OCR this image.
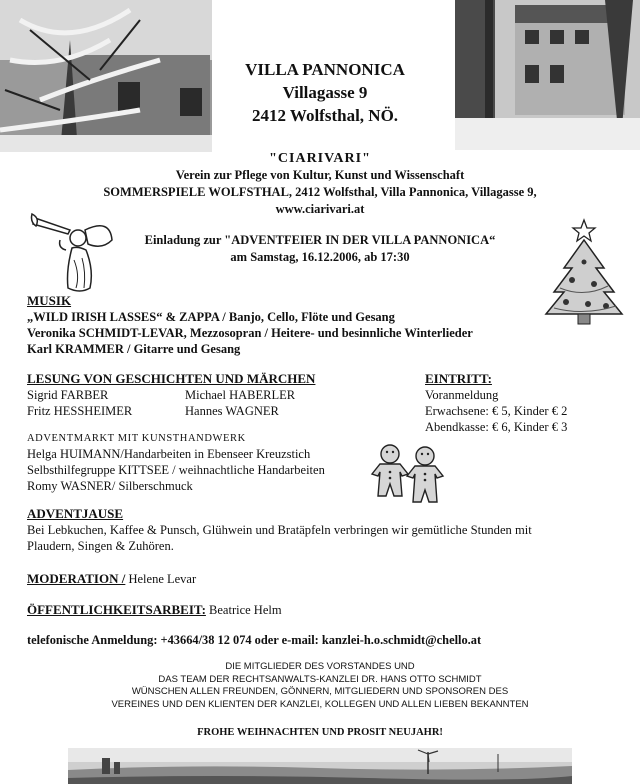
VILLA PANNONICA
Villagasse 9
2412 Wolfsthal, NÖ.
"CIARIVARI"
Verein zur Pflege von Kultur, Kunst und Wissenschaft
SOMMERSPIELE WOLFSTHAL, 2412 Wolfsthal, Villa Pannonica, Villagasse 9,
www.ciarivari.at
Einladung zur "ADVENTFEIER IN DER VILLA PANNONICA“
am Samstag, 16.12.2006, ab 17:30
MUSIK
„WILD IRISH LASSES“ & ZAPPA / Banjo, Cello, Flöte und Gesang
Veronika SCHMIDT-LEVAR, Mezzosopran / Heitere- und besinnliche Winterlieder
Karl KRAMMER / Gitarre und Gesang
LESUNG VON GESCHICHTEN UND MÄRCHEN
Sigrid FARBER
Fritz HESSHEIMER
Michael HABERLER
Hannes WAGNER
EINTRITT:
Voranmeldung
Erwachsene: € 5, Kinder € 2
Abendkasse: € 6, Kinder € 3
ADVENTMARKT MIT KUNSTHANDWERK
Helga HUIMANN/Handarbeiten in Ebenseer Kreuzstich
Selbsthilfegruppe KITTSEE / weihnachtliche Handarbeiten
Romy WASNER/ Silberschmuck
ADVENTJAUSE
Bei Lebkuchen, Kaffee & Punsch, Glühwein und Bratäpfeln verbringen wir gemütliche Stunden mit
Plaudern, Singen & Zuhören.
MODERATION / Helene Levar
ÖFFENTLICHKEITSARBEIT: Beatrice Helm
telefonische Anmeldung: +43664/38 12 074 oder e-mail: kanzlei-h.o.schmidt@chello.at
DIE MITGLIEDER DES VORSTANDES UND
DAS TEAM DER RECHTSANWALTS-KANZLEI DR. HANS OTTO SCHMIDT
WÜNSCHEN ALLEN FREUNDEN, GÖNNERN, MITGLIEDERN UND SPONSOREN DES
VEREINES UND DEN KLIENTEN DER KANZLEI, KOLLEGEN UND ALLEN LIEBEN BEKANNTEN
FROHE WEIHNACHTEN UND PROSIT NEUJAHR!
